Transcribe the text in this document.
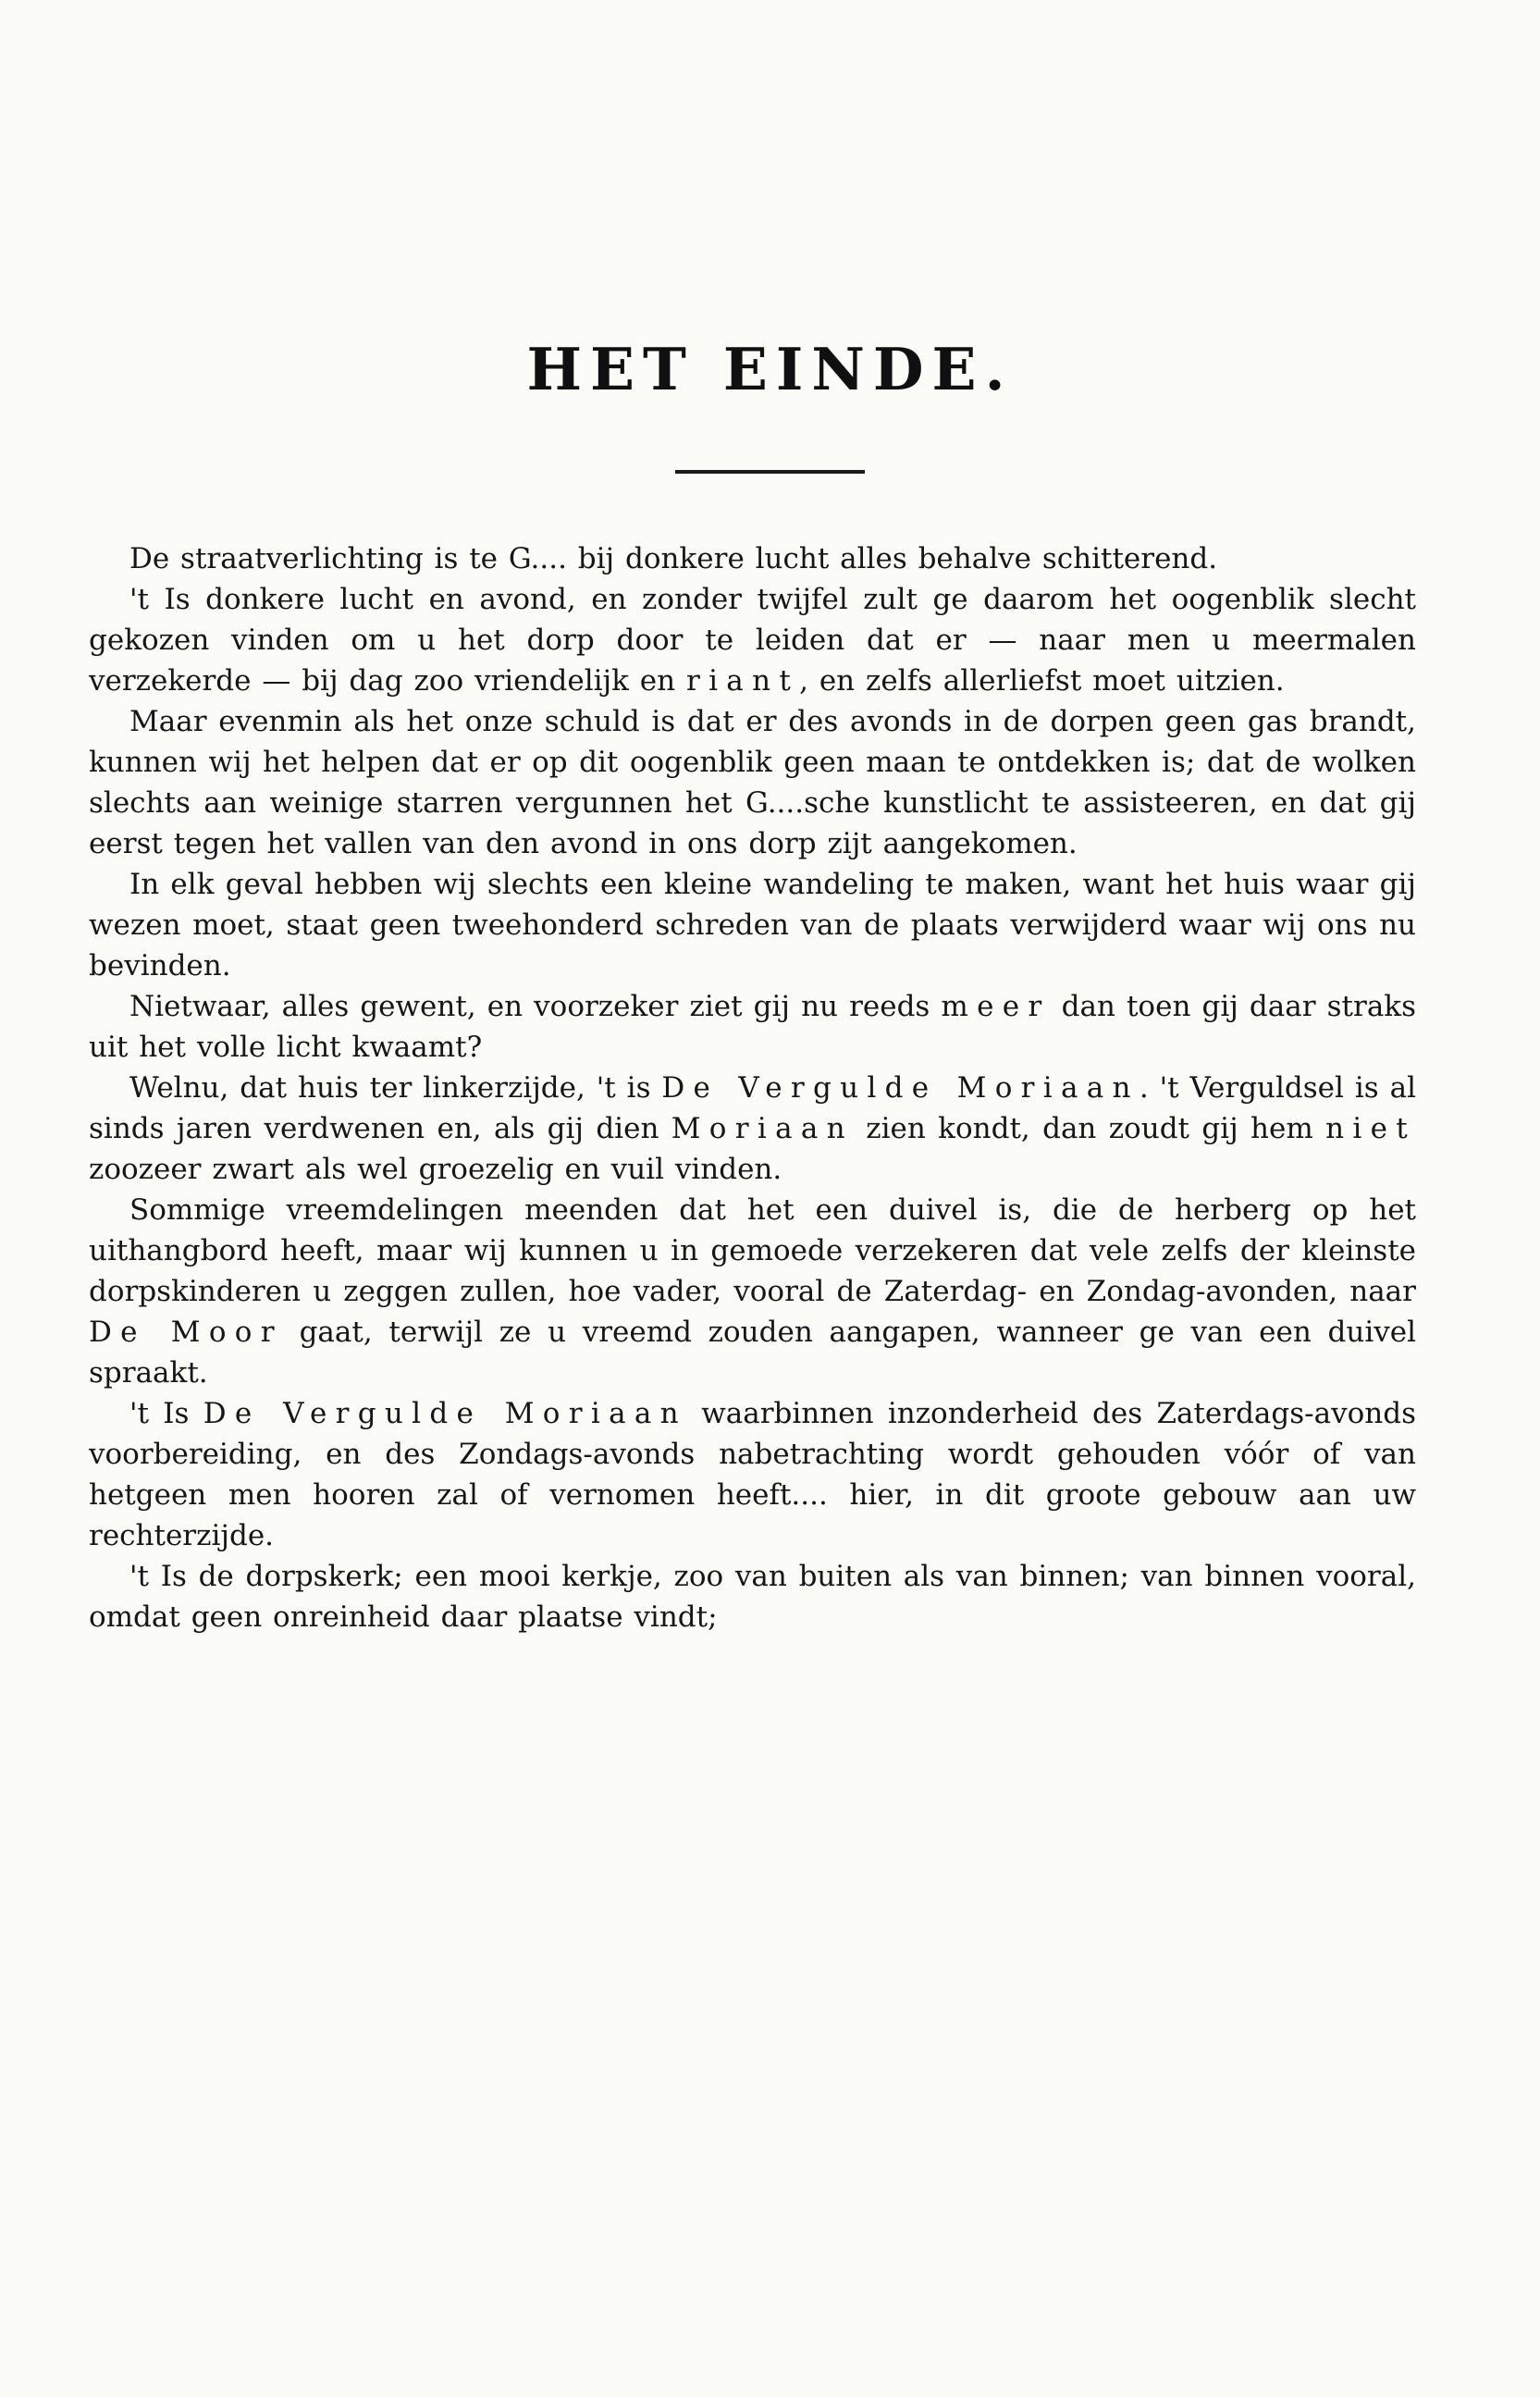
HET EINDE.

De straatverlichting is te G.... bij donkere lucht alles behalve schitterend.

't Is donkere lucht en avond, en zonder twijfel zult ge daarom het oogenblik slecht gekozen vinden om u het dorp door te leiden dat er — naar men u meermalen verzekerde — bij dag zoo vriendelijk en riant, en zelfs allerliefst moet uitzien.

Maar evenmin als het onze schuld is dat er des avonds in de dorpen geen gas brandt, kunnen wij het helpen dat er op dit oogenblik geen maan te ontdekken is; dat de wolken slechts aan weinige starren vergunnen het G....sche kunstlicht te assisteeren, en dat gij eerst tegen het vallen van den avond in ons dorp zijt aangekomen.

In elk geval hebben wij slechts een kleine wandeling te maken, want het huis waar gij wezen moet, staat geen tweehonderd schreden van de plaats verwijderd waar wij ons nu bevinden.

Nietwaar, alles gewent, en voorzeker ziet gij nu reeds meer dan toen gij daar straks uit het volle licht kwaamt?

Welnu, dat huis ter linkerzijde, 't is De Vergulde Moriaan. 't Verguldsel is al sinds jaren verdwenen en, als gij dien Moriaan zien kondt, dan zoudt gij hem niet zoozeer zwart als wel groezelig en vuil vinden.

Sommige vreemdelingen meenden dat het een duivel is, die de herberg op het uithangbord heeft, maar wij kunnen u in gemoede verzekeren dat vele zelfs der kleinste dorpskinderen u zeggen zullen, hoe vader, vooral de Zaterdag- en Zondag-avonden, naar De Moor gaat, terwijl ze u vreemd zouden aangapen, wanneer ge van een duivel spraakt.

't Is De Vergulde Moriaan waarbinnen inzonderheid des Zaterdags-avonds voorbereiding, en des Zondags-avonds nabetrachting wordt gehouden vóór of van hetgeen men hooren zal of vernomen heeft.... hier, in dit groote gebouw aan uw rechterzijde.

't Is de dorpskerk; een mooi kerkje, zoo van buiten als van binnen; van binnen vooral, omdat geen onreinheid daar plaatse vindt;
